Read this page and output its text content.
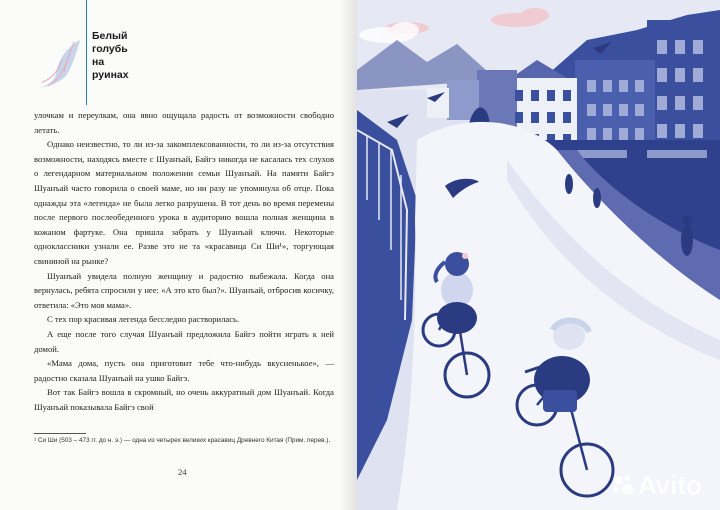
Белый
голубь
на
руинах

улочкам и переулкам, она явно ощущала радость от возможности свободно летать.

Однако неизвестно, то ли из-за закомплексованности, то ли из-за отсутствия возможности, находясь вместе с Шуанъай, Байгэ никогда не касалась тех слухов о легендарном материальном положении семьи Шуанъай. На памяти Байгэ Шуанъай часто говорила о своей маме, но ни разу не упомянула об отце. Пока однажды эта «легенда» не была легко разрушена. В тот день во время перемены после первого послеобеденного урока в аудиторию вошла полная женщина в кожаном фартуке. Она пришла забрать у Шуанъай ключи. Некоторые одноклассники узнали ее. Разве это не та «красавица Си Ши¹», торгующая свининой на рынке?

Шуанъай увидела полную женщину и радостно выбежала. Когда она вернулась, ребята спросили у нее: «А это кто был?». Шуанъай, отбросив косичку, ответила: «Это моя мама».

С тех пор красивая легенда бесследно растворилась.

А еще после того случая Шуанъай предложила Байгэ пойти играть к ней домой.

«Мама дома, пусть она приготовит тебе что-нибудь вкусненькое», — радостно сказала Шуанъай на ушко Байгэ.

Вот так Байгэ вошла в скромный, но очень аккуратный дом Шуанъай. Когда Шуанъай показывала Байгэ свой

¹ Си Ши (503 – 473 гг. до н. э.) — одна из четырех великих красавиц Древнего Китая (Прим. перев.).
24	Avito
